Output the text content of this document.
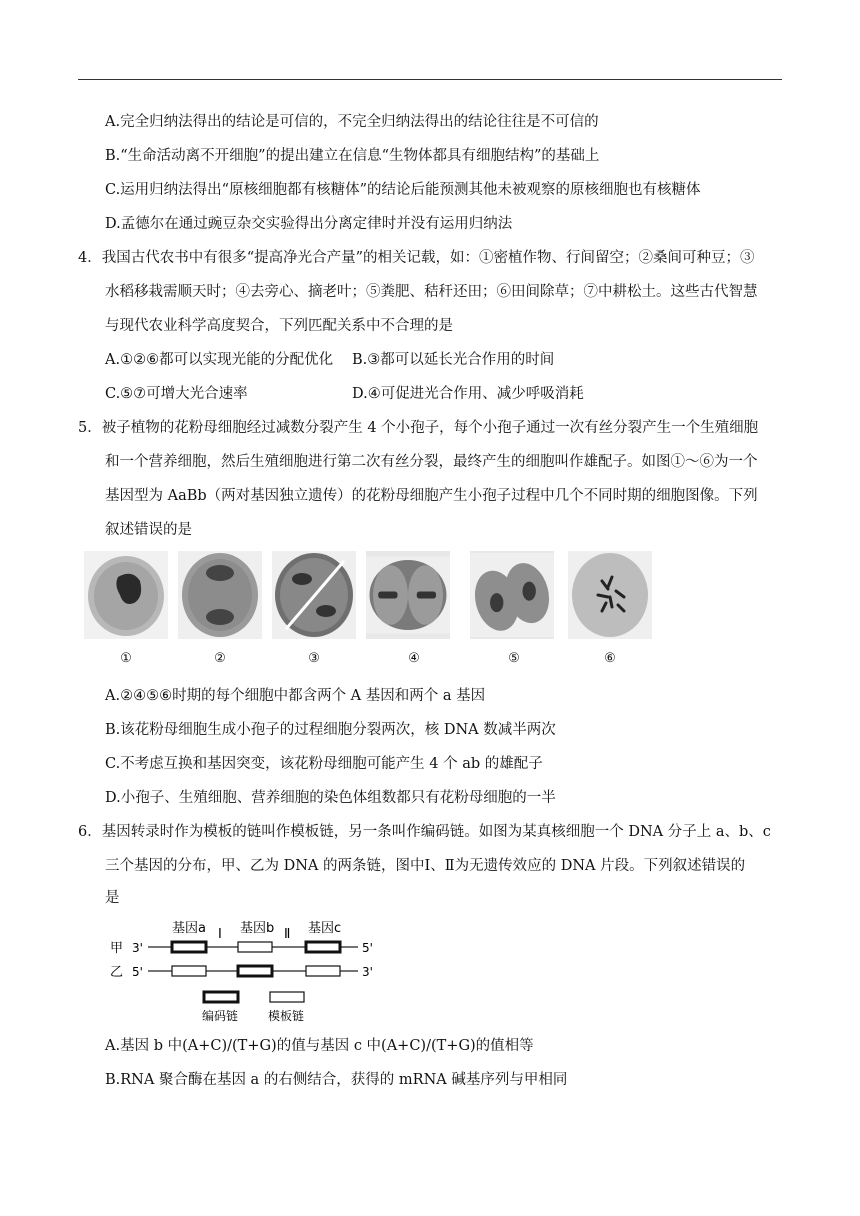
A.完全归纳法得出的结论是可信的，不完全归纳法得出的结论往往是不可信的
B.“生命活动离不开细胞”的提出建立在信息“生物体都具有细胞结构”的基础上
C.运用归纳法得出“原核细胞都有核糖体”的结论后能预测其他未被观察的原核细胞也有核糖体
D.孟德尔在通过豌豆杂交实验得出分离定律时并没有运用归纳法
4．我国古代农书中有很多“提高净光合产量”的相关记载，如：①密植作物、行间留空；②桑间可种豆；③
水稻移栽需顺天时；④去旁心、摘老叶；⑤粪肥、秸秆还田；⑥田间除草；⑦中耕松土。这些古代智慧
与现代农业科学高度契合，下列匹配关系中不合理的是
A.①②⑥都可以实现光能的分配优化 B.③都可以延长光合作用的时间
C.⑤⑦可增大光合速率	D.④可促进光合作用、减少呼吸消耗
5．被子植物的花粉母细胞经过减数分裂产生 4 个小孢子，每个小孢子通过一次有丝分裂产生一个生殖细胞
和一个营养细胞，然后生殖细胞进行第二次有丝分裂，最终产生的细胞叫作雄配子。如图①～⑥为一个
基因型为 AaBb（两对基因独立遗传）的花粉母细胞产生小孢子过程中几个不同时期的细胞图像。下列
叙述错误的是
①	②	③	④	⑤	⑥
A.②④⑤⑥时期的每个细胞中都含两个 A 基因和两个 a 基因
B.该花粉母细胞生成小孢子的过程细胞分裂两次，核 DNA 数减半两次
C.不考虑互换和基因突变，该花粉母细胞可能产生 4 个 ab 的雄配子
D.小孢子、生殖细胞、营养细胞的染色体组数都只有花粉母细胞的一半
6．基因转录时作为模板的链叫作模板链，另一条叫作编码链。如图为某真核细胞一个 DNA 分子上 a、b、c
三个基因的分布，甲、乙为 DNA 的两条链，图中Ⅰ、Ⅱ为无遗传效应的 DNA 片段。下列叙述错误的
是
基因a Ⅰ 基因b Ⅱ 基因c
甲 3'	5'
乙 5'	3'
编码链 模板链
A.基因 b 中(A+C)/(T+G)的值与基因 c 中(A+C)/(T+G)的值相等
B.RNA 聚合酶在基因 a 的右侧结合，获得的 mRNA 碱基序列与甲相同
